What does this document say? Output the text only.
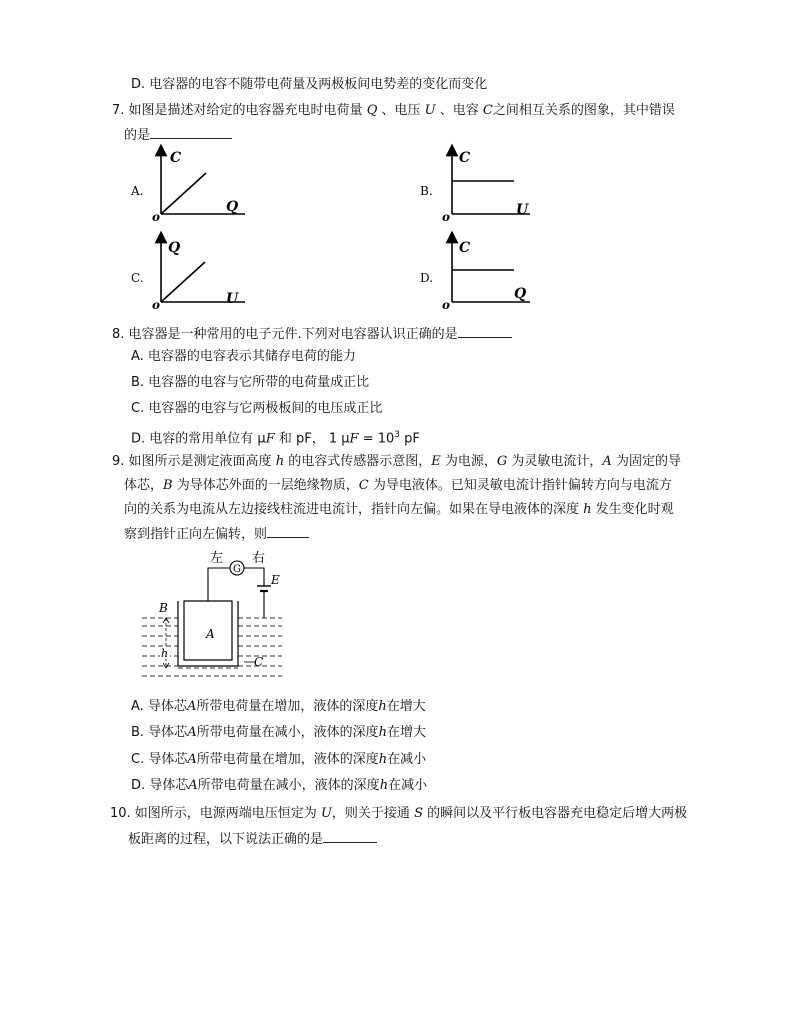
D. 电容器的电容不随带电荷量及两极板间电势差的变化而变化
7. 如图是描述对给定的电容器充电时电荷量 Q 、电压 U 、电容 C之间相互关系的图象，其中错误
的是
A.
C
Q
o
B.
C
U
o
C.
Q
U
o
D.
C
Q
o
8. 电容器是一种常用的电子元件.下列对电容器认识正确的是
A. 电容器的电容表示其储存电荷的能力
B. 电容器的电容与它所带的电荷量成正比
C. 电容器的电容与它两极板间的电压成正比
D. 电容的常用单位有 μF 和 pF， 1 $\mu F = 10^3$ pF
9. 如图所示是测定液面高度 h 的电容式传感器示意图，E 为电源，G 为灵敏电流计，A 为固定的导
体芯，B 为导体芯外面的一层绝缘物质，C 为导电液体。已知灵敏电流计指针偏转方向与电流方
向的关系为电流从左边接线柱流进电流计，指针向左偏。如果在导电液体的深度 h 发生变化时观
察到指针正向左偏转，则
G
左 右
E
B
A
C
h
A. 导体芯A所带电荷量在增加，液体的深度h在增大
B. 导体芯A所带电荷量在减小，液体的深度h在增大
C. 导体芯A所带电荷量在增加，液体的深度h在减小
D. 导体芯A所带电荷量在减小，液体的深度h在减小
10. 如图所示，电源两端电压恒定为 U，则关于接通 S 的瞬间以及平行板电容器充电稳定后增大两极
板距离的过程，以下说法正确的是
